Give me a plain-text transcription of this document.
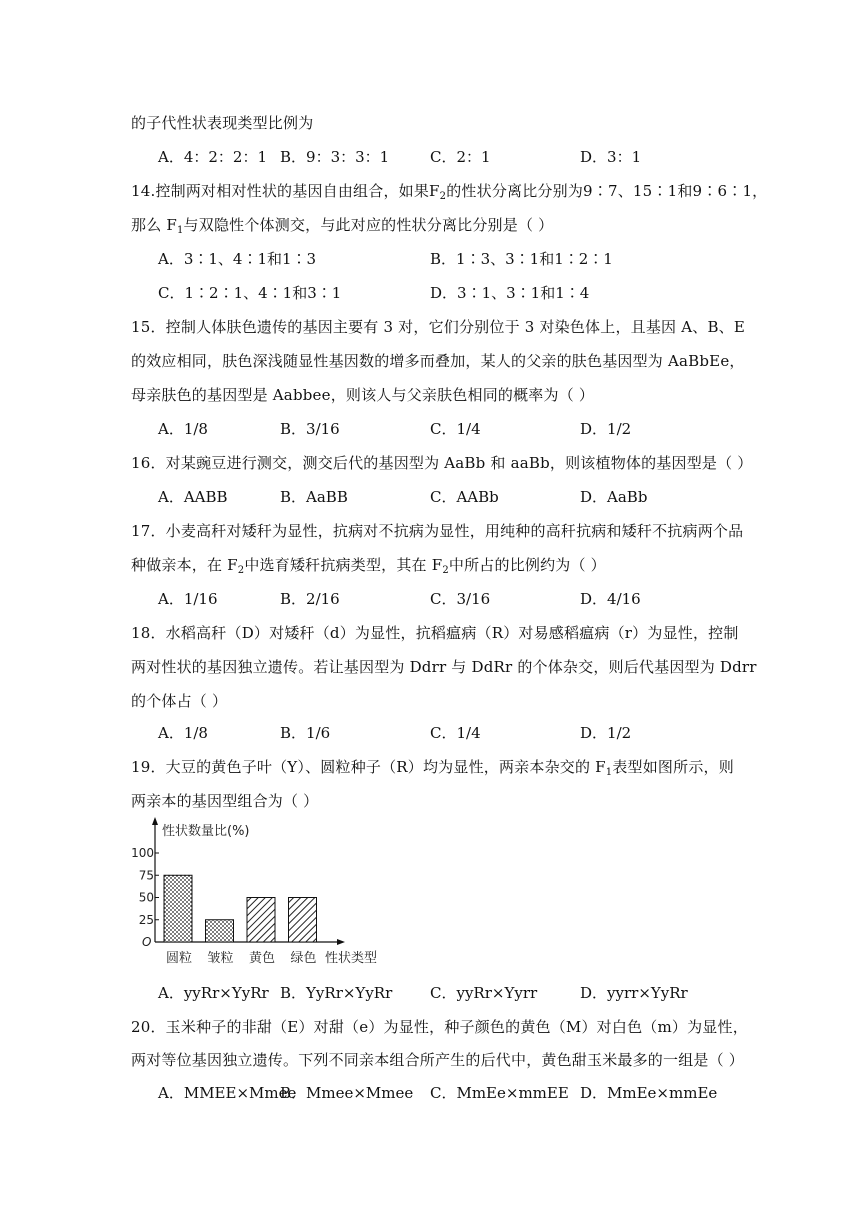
的子代性状表现类型比例为
A．4：2：2：1 B．9：3：3：1	C．2：1	D．3：1
14.控制两对相对性状的基因自由组合，如果$F_2$的性状分离比分别为9∶7、15∶1和9∶6∶1，
那么 $F_1$与双隐性个体测交，与此对应的性状分离比分别是（ ）
A．3∶1、4∶1和1∶3	B．1∶3、3∶1和1∶2∶1
C．1∶2∶1、4∶1和3∶1	D．3∶1、3∶1和1∶4
15．控制人体肤色遗传的基因主要有 3 对，它们分别位于 3 对染色体上，且基因 A、B、E
的效应相同，肤色深浅随显性基因数的增多而叠加，某人的父亲的肤色基因型为 AaBbEe，
母亲肤色的基因型是 Aabbee，则该人与父亲肤色相同的概率为（ ）
A．1/8	B．3/16	C．1/4	D．1/2
16．对某豌豆进行测交，测交后代的基因型为 AaBb 和 aaBb，则该植物体的基因型是（ ）
A．AABB	B．AaBB	C．AABb	D．AaBb
17．小麦高秆对矮秆为显性，抗病对不抗病为显性，用纯种的高秆抗病和矮秆不抗病两个品
种做亲本，在 $F_2$中选育矮秆抗病类型，其在 $F_2$中所占的比例约为（ ）
A．1/16	B．2/16	C．3/16	D．4/16
18．水稻高秆（D）对矮秆（d）为显性，抗稻瘟病（R）对易感稻瘟病（r）为显性，控制
两对性状的基因独立遗传。若让基因型为 Ddrr 与 DdRr 的个体杂交，则后代基因型为 Ddrr
的个体占（ ）
A．1/8	B．1/6	C．1/4	D．1/2
19．大豆的黄色子叶（Y）、圆粒种子（R）均为显性，两亲本杂交的 $F_1$表型如图所示，则
两亲本的基因型组合为（ ）
性状数量比(%)
O
25
50
75
100
圆粒 皱粒 黄色 绿色 性状类型
A．yyRr×YyRr B．YyRr×YyRr	C．yyRr×Yyrr	D．yyrr×YyRr
20．玉米种子的非甜（E）对甜（e）为显性，种子颜色的黄色（M）对白色（m）为显性，
两对等位基因独立遗传。下列不同亲本组合所产生的后代中，黄色甜玉米最多的一组是（ ）
A．MMEE×Mmee
B．Mmee×Mmee C．MmEe×mmEE D．MmEe×mmEe
